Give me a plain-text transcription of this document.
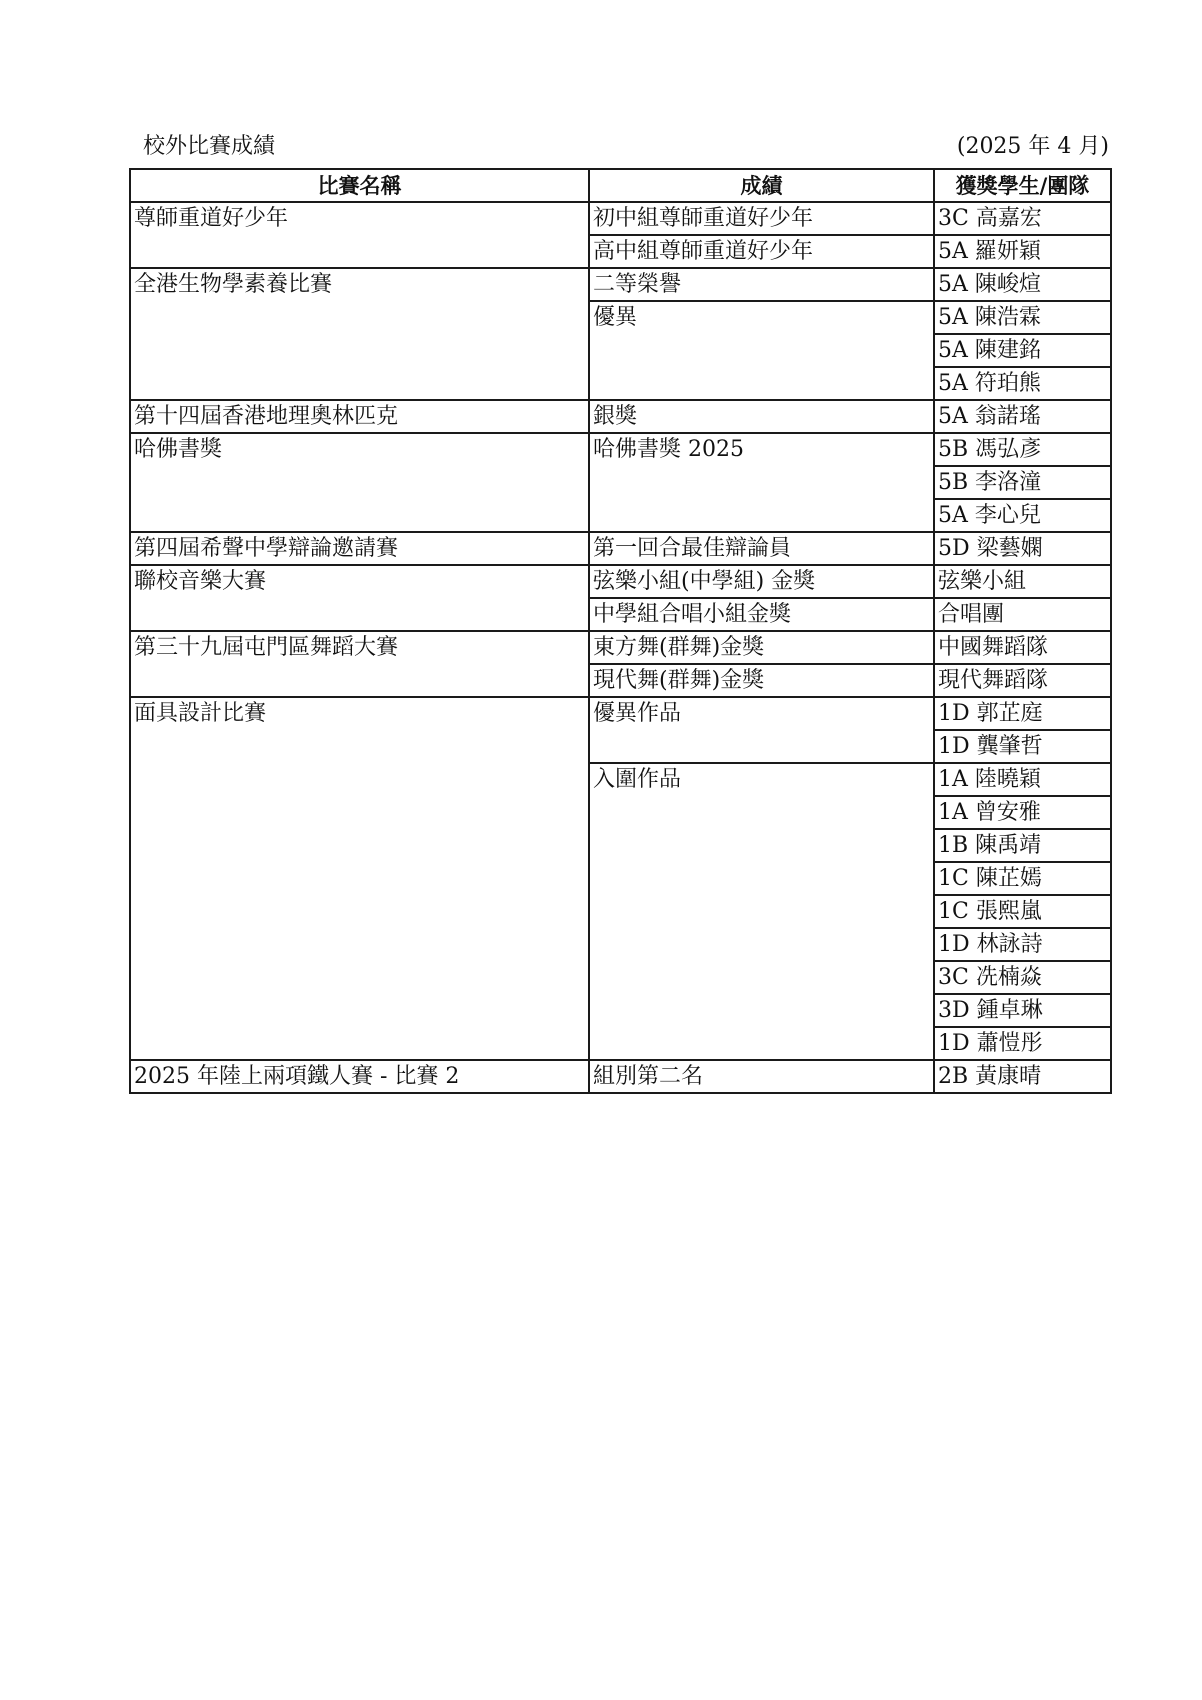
校外比賽成績	(2025 年 4 月)
比賽名稱	成績	獲獎學生/團隊
尊師重道好少年	初中組尊師重道好少年	3C 高嘉宏
	高中組尊師重道好少年	5A 羅妍穎
全港生物學素養比賽	二等榮譽	5A 陳峻煊
	優異	5A 陳浩霖
		5A 陳建銘
		5A 符珀熊
第十四屆香港地理奧林匹克	銀獎	5A 翁諾瑤
哈佛書獎	哈佛書獎 2025	5B 馮弘彥
		5B 李洛潼
		5A 李心兒
第四屆希聲中學辯論邀請賽	第一回合最佳辯論員	5D 梁藝嫻
聯校音樂大賽	弦樂小組(中學組) 金獎	弦樂小組
	中學組合唱小組金獎	合唱團
第三十九屆屯門區舞蹈大賽	東方舞(群舞)金獎	中國舞蹈隊
	現代舞(群舞)金獎	現代舞蹈隊
面具設計比賽	優異作品	1D 郭芷庭
		1D 龔肇哲
	入圍作品	1A 陸曉穎
		1A 曾安雅
		1B 陳禹靖
		1C 陳芷嫣
		1C 張熙嵐
		1D 林詠詩
		3C 冼楠焱
		3D 鍾卓琳
		1D 蕭愷彤
2025 年陸上兩項鐵人賽 - 比賽 2	組別第二名	2B 黃康晴
